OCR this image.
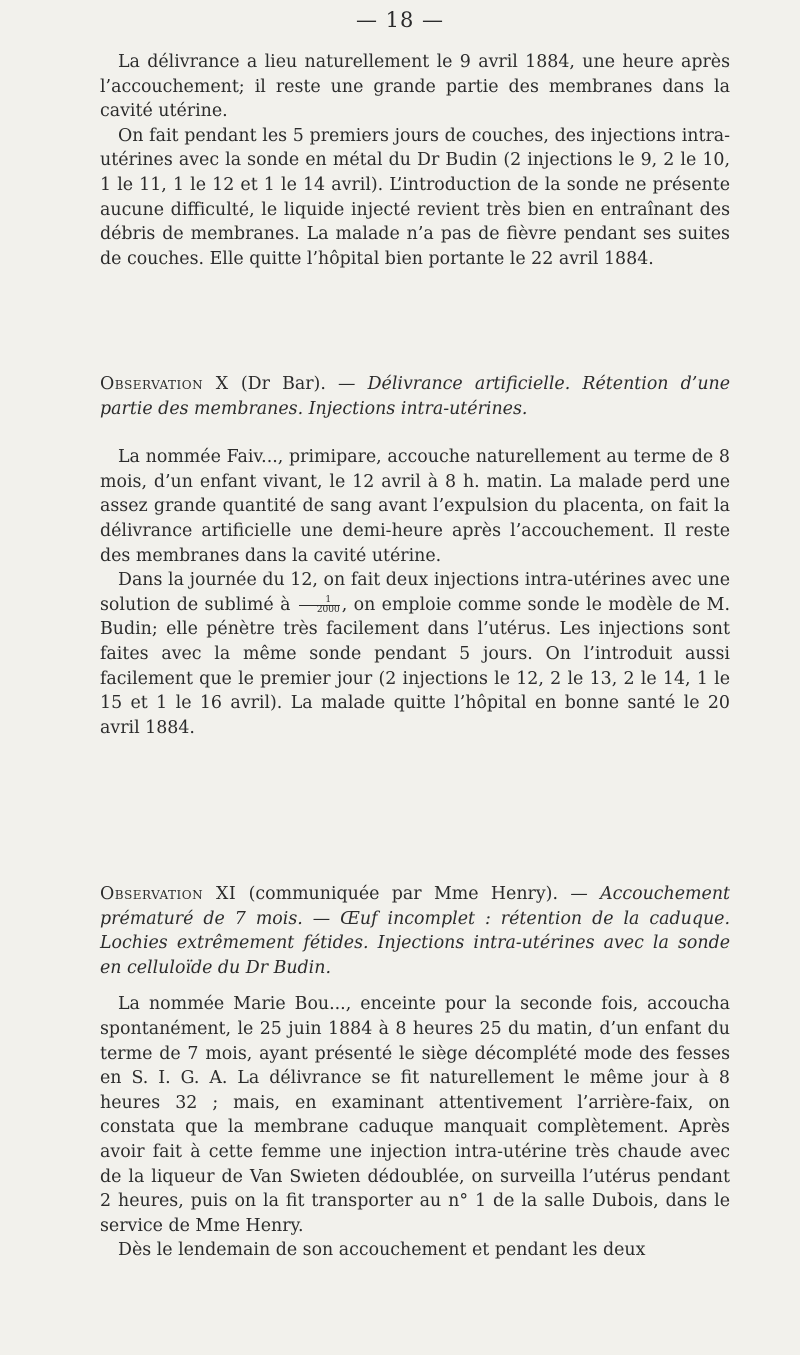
— 18 —

La délivrance a lieu naturellement le 9 avril 1884, une heure après l’accouchement; il reste une grande partie des membranes dans la cavité utérine.

On fait pendant les 5 premiers jours de couches, des injections intra-utérines avec la sonde en métal du Dr Budin (2 injections le 9, 2 le 10, 1 le 11, 1 le 12 et 1 le 14 avril). L’introduction de la sonde ne présente aucune difficulté, le liquide injecté revient très bien en entraînant des débris de membranes. La malade n’a pas de fièvre pendant ses suites de couches. Elle quitte l’hôpital bien portante le 22 avril 1884.

Observation X (Dr Bar). — Délivrance artificielle. Rétention d’une partie des membranes. Injections intra-utérines.

La nommée Faiv..., primipare, accouche naturellement au terme de 8 mois, d’un enfant vivant, le 12 avril à 8 h. matin. La malade perd une assez grande quantité de sang avant l’expulsion du placenta, on fait la délivrance artificielle une demi-heure après l’accouchement. Il reste des membranes dans la cavité utérine.

Dans la journée du 12, on fait deux injections intra-utérines avec une solution de sublimé à $\frac{1}{2000}$ , on emploie comme sonde le modèle de M. Budin; elle pénètre très facilement dans l’utérus. Les injections sont faites avec la même sonde pendant 5 jours. On l’introduit aussi facilement que le premier jour (2 injections le 12, 2 le 13, 2 le 14, 1 le 15 et 1 le 16 avril). La malade quitte l’hôpital en bonne santé le 20 avril 1884.

Observation XI (communiquée par Mme Henry). — Accouchement prématuré de 7 mois. — Œuf incomplet : rétention de la caduque. Lochies extrêmement fétides. Injections intra-utérines avec la sonde en celluloïde du Dr Budin.

La nommée Marie Bou..., enceinte pour la seconde fois, accoucha spontanément, le 25 juin 1884 à 8 heures 25 du matin, d’un enfant du terme de 7 mois, ayant présenté le siège décomplété mode des fesses en S. I. G. A. La délivrance se fit naturellement le même jour à 8 heures 32 ; mais, en examinant attentivement l’arrière-faix, on constata que la membrane caduque manquait complètement. Après avoir fait à cette femme une injection intra-utérine très chaude avec de la liqueur de Van Swieten dédoublée, on surveilla l’utérus pendant 2 heures, puis on la fit transporter au n° 1 de la salle Dubois, dans le service de Mme Henry.

Dès le lendemain de son accouchement et pendant les deux
